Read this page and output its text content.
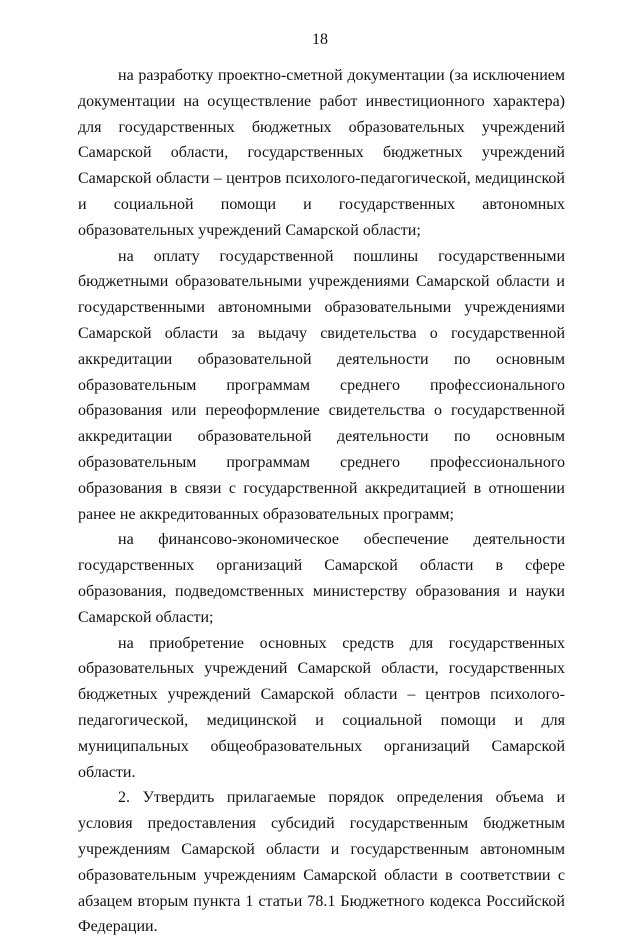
18

на разработку проектно-сметной документации (за исключением документации на осуществление работ инвестиционного характера) для государственных бюджетных образовательных учреждений Самарской области, государственных бюджетных учреждений Самарской области – центров психолого-педагогической, медицинской и социальной помощи и государственных автономных образовательных учреждений Самарской области;

на оплату государственной пошлины государственными бюджетными образовательными учреждениями Самарской области и государственными автономными образовательными учреждениями Самарской области за выдачу свидетельства о государственной аккредитации образовательной деятельности по основным образовательным программам среднего профессионального образования или переоформление свидетельства о государственной аккредитации образовательной деятельности по основным образовательным программам среднего профессионального образования в связи с государственной аккредитацией в отношении ранее не аккредитованных образовательных программ;

на финансово-экономическое обеспечение деятельности государственных организаций Самарской области в сфере образования, подведомственных министерству образования и науки Самарской области;

на приобретение основных средств для государственных образовательных учреждений Самарской области, государственных бюджетных учреждений Самарской области – центров психолого-педагогической, медицинской и социальной помощи и для муниципальных общеобразовательных организаций Самарской области.

2. Утвердить прилагаемые порядок определения объема и условия предоставления субсидий государственным бюджетным учреждениям Самарской области и государственным автономным образовательным учреждениям Самарской области в соответствии с абзацем вторым пункта 1 статьи 78.1 Бюджетного кодекса Российской Федерации.
